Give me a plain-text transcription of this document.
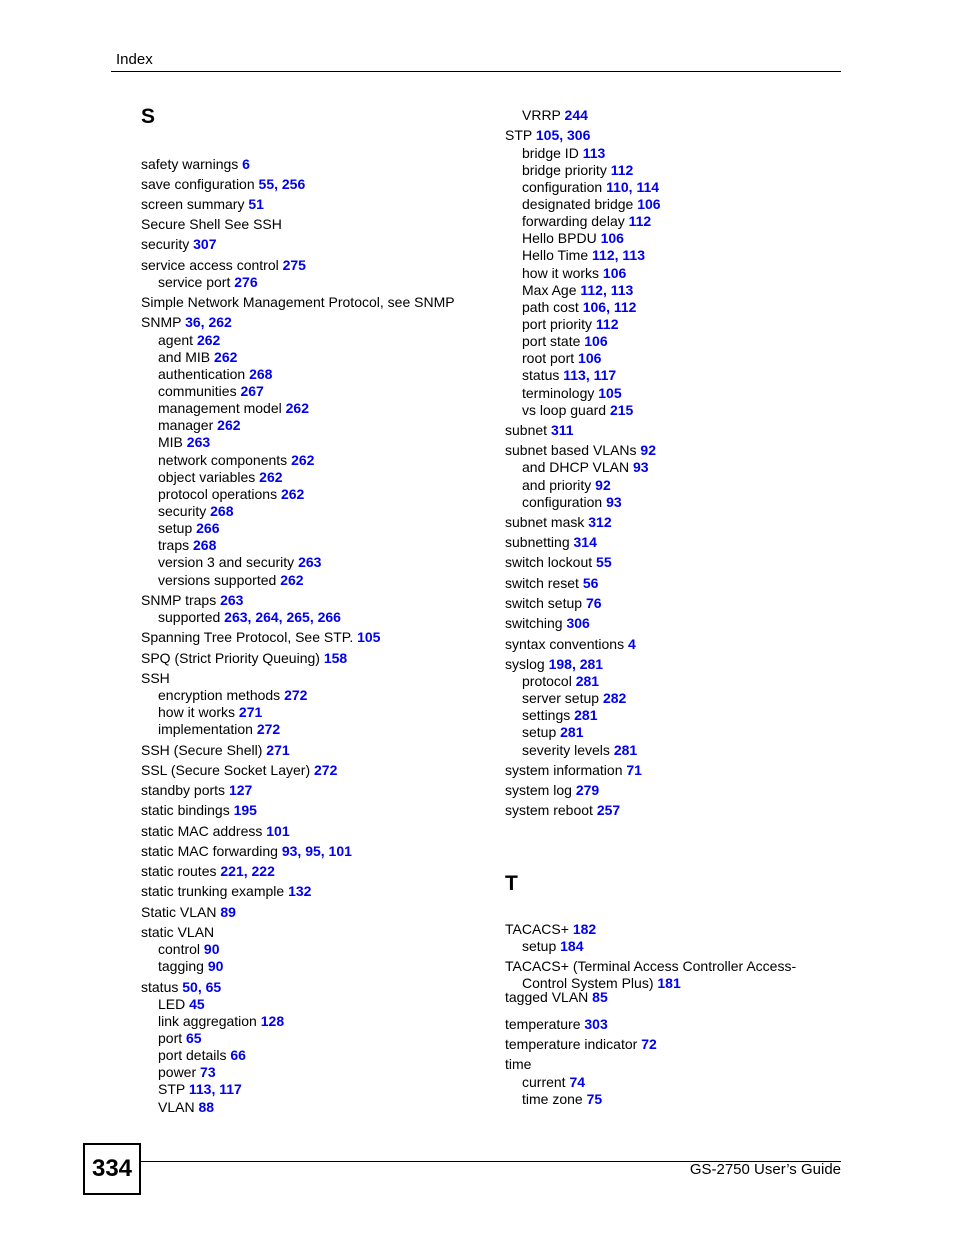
Index
S
safety warnings 6
save configuration 55, 256
screen summary 51
Secure Shell See SSH
security 307
service access control 275
service port 276
Simple Network Management Protocol, see SNMP
SNMP 36, 262
agent 262
and MIB 262
authentication 268
communities 267
management model 262
manager 262
MIB 263
network components 262
object variables 262
protocol operations 262
security 268
setup 266
traps 268
version 3 and security 263
versions supported 262
SNMP traps 263
supported 263, 264, 265, 266
Spanning Tree Protocol, See STP. 105
SPQ (Strict Priority Queuing) 158
SSH
encryption methods 272
how it works 271
implementation 272
SSH (Secure Shell) 271
SSL (Secure Socket Layer) 272
standby ports 127
static bindings 195
static MAC address 101
static MAC forwarding 93, 95, 101
static routes 221, 222
static trunking example 132
Static VLAN 89
static VLAN
control 90
tagging 90
status 50, 65
LED 45
link aggregation 128
port 65
port details 66
power 73
STP 113, 117
VLAN 88
T
VRRP 244
STP 105, 306
bridge ID 113
bridge priority 112
configuration 110, 114
designated bridge 106
forwarding delay 112
Hello BPDU 106
Hello Time 112, 113
how it works 106
Max Age 112, 113
path cost 106, 112
port priority 112
port state 106
root port 106
status 113, 117
terminology 105
vs loop guard 215
subnet 311
subnet based VLANs 92
and DHCP VLAN 93
and priority 92
configuration 93
subnet mask 312
subnetting 314
switch lockout 55
switch reset 56
switch setup 76
switching 306
syntax conventions 4
syslog 198, 281
protocol 281
server setup 282
settings 281
setup 281
severity levels 281
system information 71
system log 279
system reboot 257
TACACS+ 182
setup 184
TACACS+ (Terminal Access Controller Access-
Control System Plus) 181
tagged VLAN 85
temperature 303
temperature indicator 72
time
current 74
time zone 75
334	GS-2750 User’s Guide
